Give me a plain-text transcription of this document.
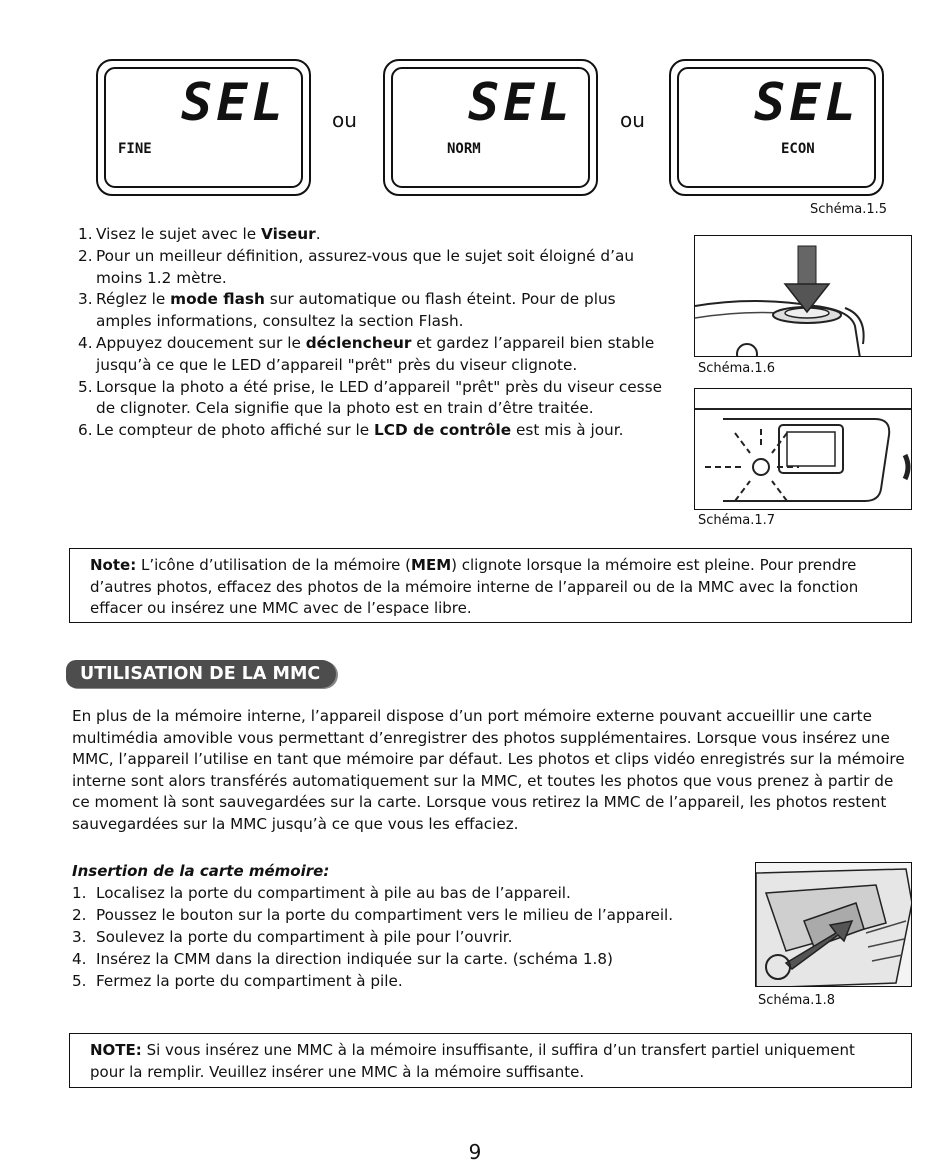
SEL
FINE
ou SEL
NORM
ou SEL
ECON
Schéma.1.5
1. Visez le sujet avec le Viseur.
2. Pour un meilleur définition, assurez-vous que le sujet soit éloigné d’au moins 1.2 mètre.
3. Réglez le mode flash sur automatique ou flash éteint. Pour de plus amples informations, consultez la section Flash.
4. Appuyez doucement sur le déclencheur et gardez l’appareil bien stable jusqu’à ce que le LED d’appareil "prêt" près du viseur clignote.
5. Lorsque la photo a été prise, le LED d’appareil "prêt" près du viseur cesse de clignoter. Cela signifie que la photo est en train d’être traitée.
6. Le compteur de photo affiché sur le LCD de contrôle est mis à jour.
Schéma.1.6
Schéma.1.7
Note: L’icône d’utilisation de la mémoire (MEM) clignote lorsque la mémoire est pleine. Pour prendre d’autres photos, effacez des photos de la mémoire interne de l’appareil ou de la MMC avec la fonction effacer ou insérez une MMC avec de l’espace libre.
UTILISATION DE LA MMC

En plus de la mémoire interne, l’appareil dispose d’un port mémoire externe pouvant accueillir une carte multimédia amovible vous permettant d’enregistrer des photos supplémentaires. Lorsque vous insérez une MMC, l’appareil l’utilise en tant que mémoire par défaut. Les photos et clips vidéo enregistrés sur la mémoire interne sont alors transférés automatiquement sur la MMC, et toutes les photos que vous prenez à partir de ce moment là sont sauvegardées sur la carte. Lorsque vous retirez la MMC de l’appareil, les photos restent sauvegardées sur la MMC jusqu’à ce que vous les effaciez.

Insertion de la carte mémoire:
1. Localisez la porte du compartiment à pile au bas de l’appareil.
2. Poussez le bouton sur la porte du compartiment vers le milieu de l’appareil.
3. Soulevez la porte du compartiment à pile pour l’ouvrir.
4. Insérez la CMM dans la direction indiquée sur la carte. (schéma 1.8)
5. Fermez la porte du compartiment à pile.
Schéma.1.8
NOTE: Si vous insérez une MMC à la mémoire insuffisante, il suffira d’un transfert partiel uniquement pour la remplir. Veuillez insérer une MMC à la mémoire suffisante.
9
